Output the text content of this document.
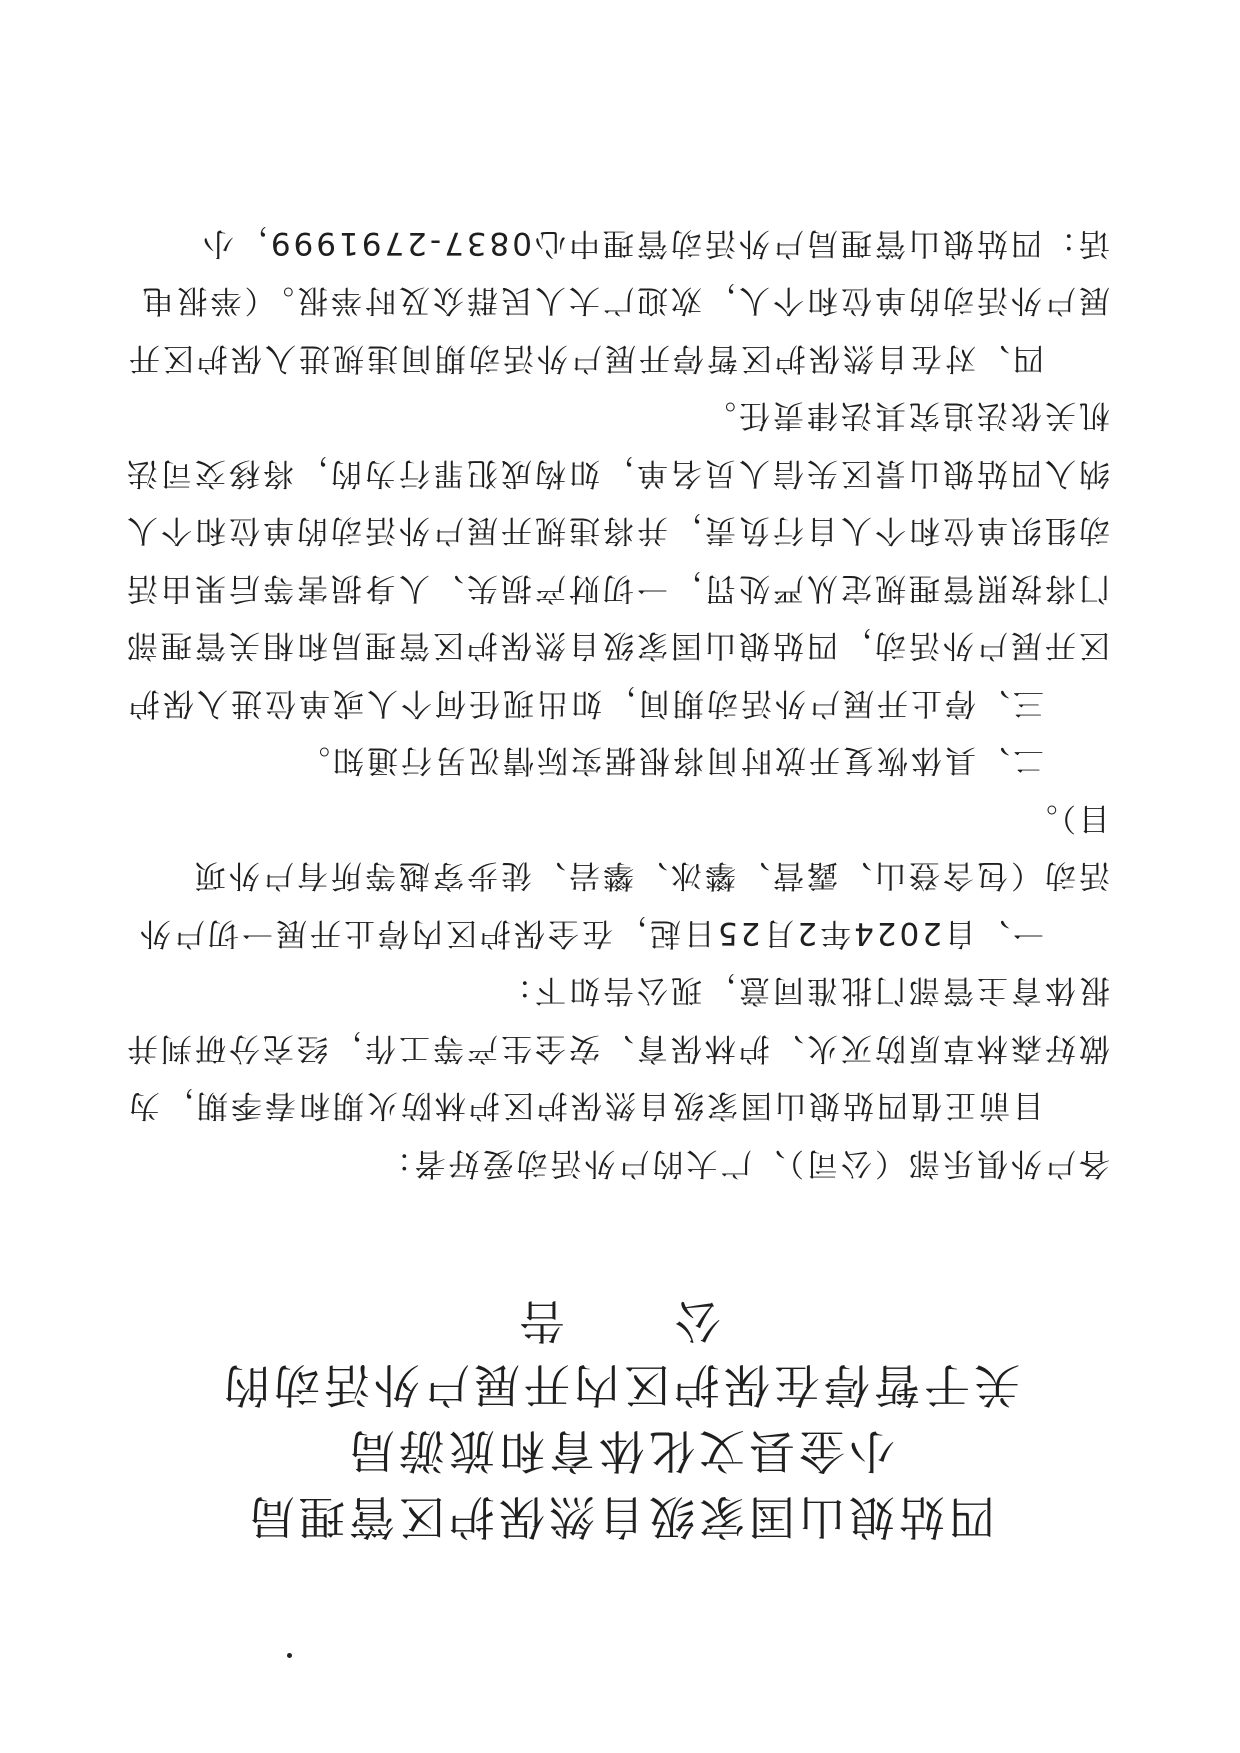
四姑娘山国家级自然保护区管理局
小金县文化体育和旅游局
关于暂停在保护区内开展户外活动的
公告

各户外俱乐部（公司）、广大的户外活动爱好者：

目前正值四姑娘山国家级自然保护区护林防火期和春季期，为做好森林草原防灭火、护林保育、安全生产等工作，经充分研判并报体育主管部门批准同意，现公告如下：

一、自2024年2月25日起，在全保护区内停止开展一切户外活动（包含登山、露营、攀冰、攀岩、徒步穿越等所有户外项目）。

二、具体恢复开放时间将根据实际情况另行通知。

三、停止开展户外活动期间，如出现任何个人或单位进入保护区开展户外活动，四姑娘山国家级自然保护区管理局和相关管理部门将按照管理规定从严处罚，一切财产损失、人身损害等后果由活动组织单位和个人自行负责，并将违规开展户外活动的单位和个人纳入四姑娘山景区失信人员名单，如构成犯罪行为的，将移交司法机关依法追究其法律责任。

四、对在自然保护区暂停开展户外活动期间违规进入保护区开展户外活动的单位和个人，欢迎广大人民群众及时举报。（举报电话：四姑娘山管理局户外活动管理中心0837-2791999，小
